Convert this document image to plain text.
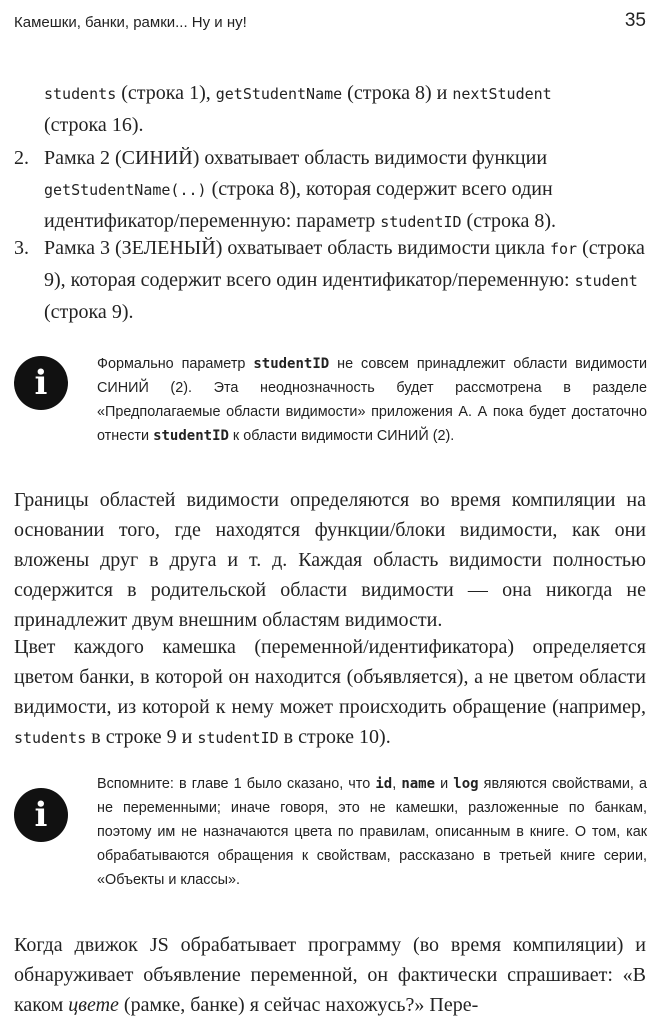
Камешки, банки, рамки... Ну и ну!	35
students (строка 1), getStudentName (строка 8) и nextStudent
(строка 16).
2. Рамка 2 (СИНИЙ) охватывает область видимости функции getStudentName(..) (строка 8), которая содержит всего один идентификатор/переменную: параметр studentID (строка 8).
3. Рамка 3 (ЗЕЛЕНЫЙ) охватывает область видимости цикла for (строка 9), которая содержит всего один идентификатор/переменную: student (строка 9).
i	Формально параметр studentID не совсем принадлежит области видимости СИНИЙ (2). Эта неоднозначность будет рассмотрена в разделе «Предполагаемые области видимости» приложения А. А пока будет достаточно отнести studentID к области видимости СИНИЙ (2).
Границы областей видимости определяются во время компиляции на основании того, где находятся функции/блоки видимости, как они вложены друг в друга и т. д. Каждая область видимости полностью содержится в родительской области видимости — она никогда не принадлежит двум внешним областям видимости.
Цвет каждого камешка (переменной/идентификатора) определяется цветом банки, в которой он находится (объявляется), а не цветом области видимости, из которой к нему может происходить обращение (например, students в строке 9 и studentID в строке 10).
i
Вспомните: в главе 1 было сказано, что id, name и log являются свойствами, а не переменными; иначе говоря, это не камешки, разложенные по банкам, поэтому им не назначаются цвета по правилам, описанным в книге. О том, как обрабатываются обращения к свойствам, рассказано в третьей книге серии, «Объекты и классы».
Когда движок JS обрабатывает программу (во время компиляции) и обнаруживает объявление переменной, он фактически спрашивает: «В каком цвете (рамке, банке) я сейчас нахожусь?» Пере-
